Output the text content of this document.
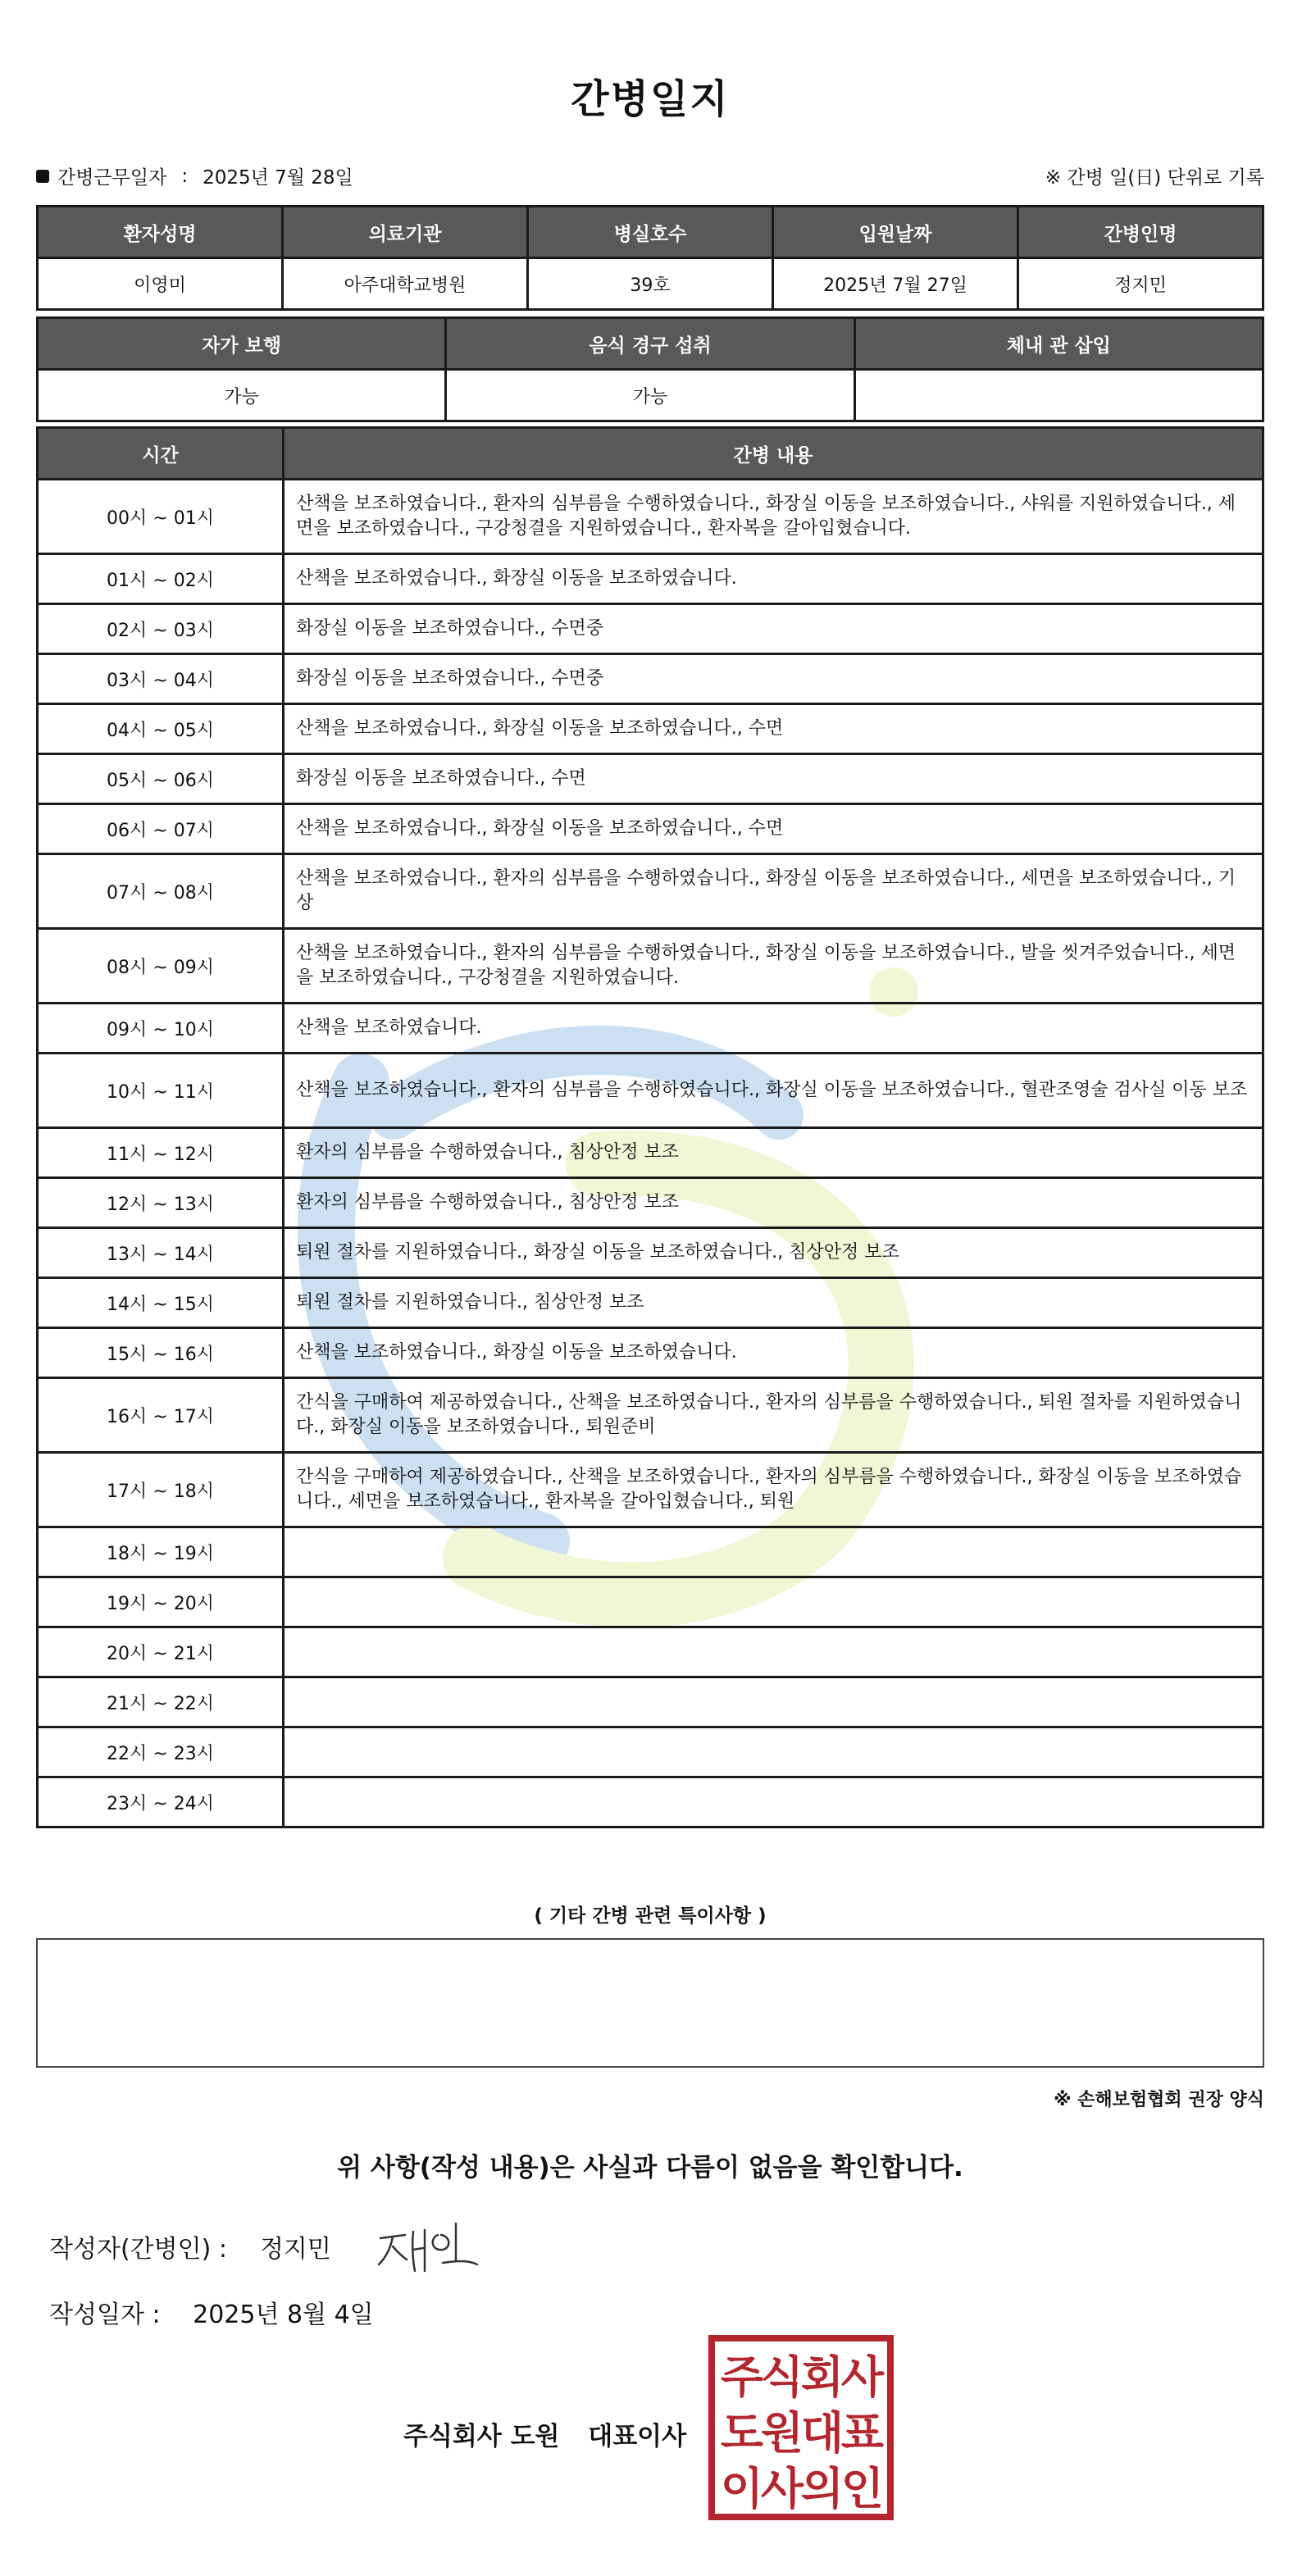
간병일지
간병근무일자 : 2025년 7월 28일	※ 간병 일(日) 단위로 기록
환자성명	의료기관	병실호수	입원날짜	간병인명
이영미	아주대학교병원	39호	2025년 7월 27일	정지민
자가 보행	음식 경구 섭취	체내 관 삽입
가능	가능	
시간	간병 내용
00시 ~ 01시	산책을 보조하였습니다., 환자의 심부름을 수행하였습니다., 화장실 이동을 보조하였습니다., 샤워를 지원하였습니다., 세면을 보조하였습니다., 구강청결을 지원하였습니다., 환자복을 갈아입혔습니다.
01시 ~ 02시	산책을 보조하였습니다., 화장실 이동을 보조하였습니다.
02시 ~ 03시	화장실 이동을 보조하였습니다., 수면중
03시 ~ 04시	화장실 이동을 보조하였습니다., 수면중
04시 ~ 05시	산책을 보조하였습니다., 화장실 이동을 보조하였습니다., 수면
05시 ~ 06시	화장실 이동을 보조하였습니다., 수면
06시 ~ 07시	산책을 보조하였습니다., 화장실 이동을 보조하였습니다., 수면
07시 ~ 08시	산책을 보조하였습니다., 환자의 심부름을 수행하였습니다., 화장실 이동을 보조하였습니다., 세면을 보조하였습니다., 기상
08시 ~ 09시	산책을 보조하였습니다., 환자의 심부름을 수행하였습니다., 화장실 이동을 보조하였습니다., 발을 씻겨주었습니다., 세면을 보조하였습니다., 구강청결을 지원하였습니다.
09시 ~ 10시	산책을 보조하였습니다.
10시 ~ 11시	산책을 보조하였습니다., 환자의 심부름을 수행하였습니다., 화장실 이동을 보조하였습니다., 혈관조영술 검사실 이동 보조
11시 ~ 12시	환자의 심부름을 수행하였습니다., 침상안정 보조
12시 ~ 13시	환자의 심부름을 수행하였습니다., 침상안정 보조
13시 ~ 14시	퇴원 절차를 지원하였습니다., 화장실 이동을 보조하였습니다., 침상안정 보조
14시 ~ 15시	퇴원 절차를 지원하였습니다., 침상안정 보조
15시 ~ 16시	산책을 보조하였습니다., 화장실 이동을 보조하였습니다.
16시 ~ 17시	간식을 구매하여 제공하였습니다., 산책을 보조하였습니다., 환자의 심부름을 수행하였습니다., 퇴원 절차를 지원하였습니다., 화장실 이동을 보조하였습니다., 퇴원준비
17시 ~ 18시	간식을 구매하여 제공하였습니다., 산책을 보조하였습니다., 환자의 심부름을 수행하였습니다., 화장실 이동을 보조하였습니다., 세면을 보조하였습니다., 환자복을 갈아입혔습니다., 퇴원
18시 ~ 19시	
19시 ~ 20시	
20시 ~ 21시	
21시 ~ 22시	
22시 ~ 23시	
23시 ~ 24시	
( 기타 간병 관련 특이사항 )
※ 손해보험협회 권장 양식
위 사항(작성 내용)은 사실과 다름이 없음을 확인합니다.
작성자(간병인) : 정지민
작성일자 : 2025년 8월 4일
주식회사 도원 대표이사
주
식
회
사
도
원
대
표
이
사
의
인
